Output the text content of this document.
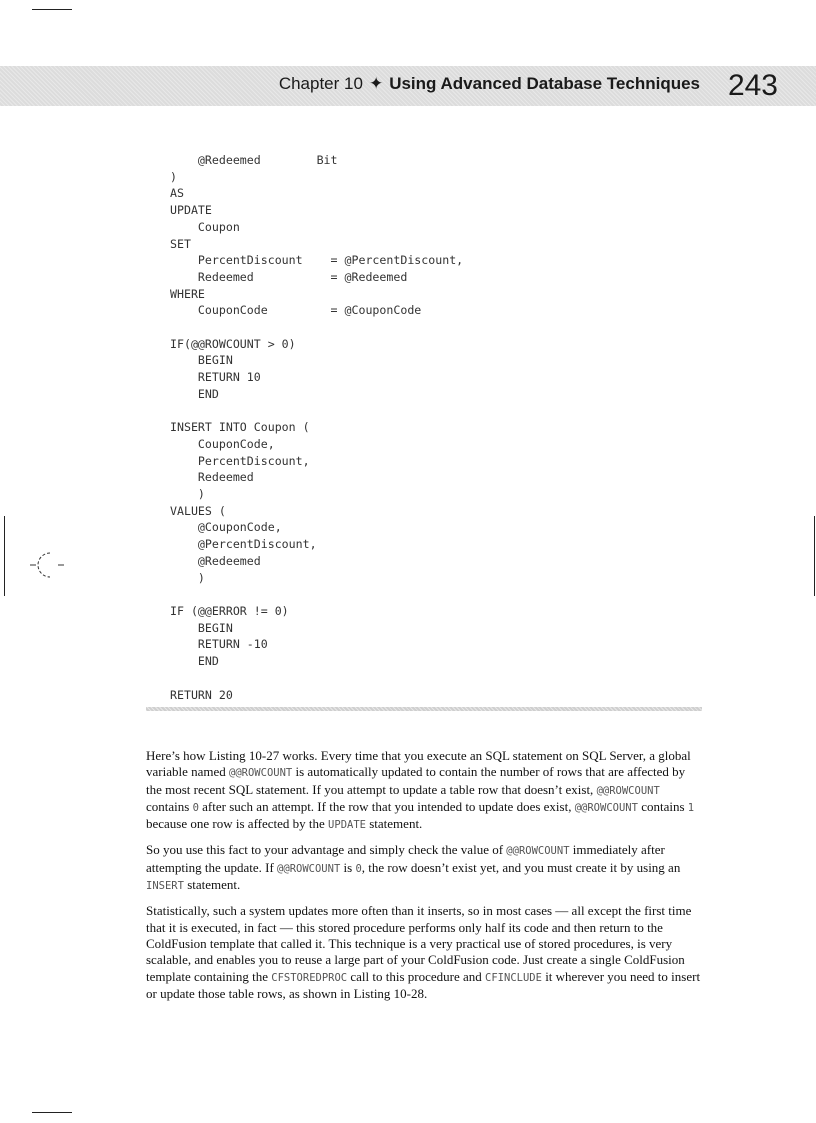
Chapter 10 ✦ Using Advanced Database Techniques 243
@Redeemed        Bit
)
AS
UPDATE
Coupon
SET
PercentDiscount    = @PercentDiscount,
Redeemed           = @Redeemed
WHERE
CouponCode         = @CouponCode

IF(@@ROWCOUNT > 0)
BEGIN
RETURN 10
END

INSERT INTO Coupon (
CouponCode,
PercentDiscount,
Redeemed
)
VALUES (
@CouponCode,
@PercentDiscount,
@Redeemed
)

IF (@@ERROR != 0)
BEGIN
RETURN -10
END

RETURN 20

Here’s how Listing 10-27 works. Every time that you execute an SQL statement on SQL Server, a global variable named @@ROWCOUNT is automatically updated to contain the number of rows that are affected by the most recent SQL statement. If you attempt to update a table row that doesn’t exist, @@ROWCOUNT contains 0 after such an attempt. If the row that you intended to update does exist, @@ROWCOUNT contains 1 because one row is affected by the UPDATE statement.

So you use this fact to your advantage and simply check the value of @@ROWCOUNT immediately after attempting the update. If @@ROWCOUNT is 0, the row doesn’t exist yet, and you must create it by using an INSERT statement.

Statistically, such a system updates more often than it inserts, so in most cases — all except the first time that it is executed, in fact — this stored procedure performs only half its code and then return to the ColdFusion template that called it. This technique is a very practical use of stored procedures, is very scalable, and enables you to reuse a large part of your ColdFusion code. Just create a single ColdFusion template containing the CFSTOREDPROC call to this procedure and CFINCLUDE it wherever you need to insert or update those table rows, as shown in Listing 10-28.
